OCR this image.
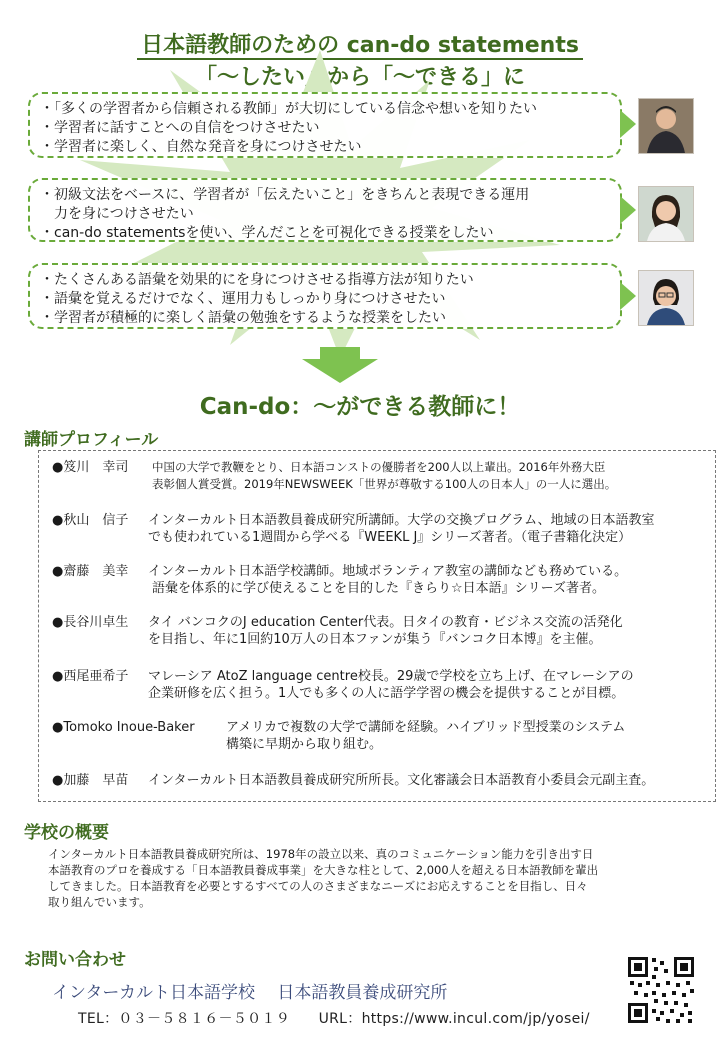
日本語教師のための can-do statements
「～したい」から「～できる」に
・「多くの学習者から信頼される教師」が大切にしている信念や想いを知りたい
・学習者に話すことへの自信をつけさせたい
・学習者に楽しく、自然な発音を身につけさせたい
・初級文法をベースに、学習者が「伝えたいこと」をきちんと表現できる運用
　力を身につけさせたい
・can-do statementsを使い、学んだことを可視化できる授業をしたい
・たくさんある語彙を効果的にを身につけさせる指導方法が知りたい
・語彙を覚えるだけでなく、運用力もしっかり身につけさせたい
・学習者が積極的に楽しく語彙の勉強をするような授業をしたい
Can-do：～ができる教師に！
講師プロフィール
●笈川　幸司 中国の大学で教鞭をとり、日本語コンストの優勝者を200人以上輩出。2016年外務大臣
表彰個人賞受賞。2019年NEWSWEEK「世界が尊敬する100人の日本人」の一人に選出。
●秋山　信子 インターカルト日本語教員養成研究所講師。大学の交換プログラム、地域の日本語教室
でも使われている1週間から学べる『WEEKL J』シリーズ著者。（電子書籍化決定）
●齋藤　美幸 インターカルト日本語学校講師。地域ボランティア教室の講師なども務めている。
語彙を体系的に学び使えることを目的した『きらり☆日本語』シリーズ著者。
●長谷川卓生 タイ バンコクのJ education Center代表。日タイの教育・ビジネス交流の活発化
を目指し、年に1回約10万人の日本ファンが集う『バンコク日本博』を主催。
●西尾亜希子 マレーシア AtoZ language centre校長。29歳で学校を立ち上げ、在マレーシアの
企業研修を広く担う。1人でも多くの人に語学学習の機会を提供することが目標。
●Tomoko Inoue-Baker アメリカで複数の大学で講師を経験。ハイブリッド型授業のシステム
構築に早期から取り組む。
●加藤　早苗 インターカルト日本語教員養成研究所所長。文化審議会日本語教育小委員会元副主査。
学校の概要
インターカルト日本語教員養成研究所は、1978年の設立以来、真のコミュニケーション能力を引き出す日
本語教育のプロを養成する「日本語教員養成事業」を大きな柱として、2,000人を超える日本語教師を輩出
してきました。日本語教育を必要とするすべての人のさまざまなニーズにお応えすることを目指し、日々
取り組んでいます。
お問い合わせ
インターカルト日本語学校　 日本語教員養成研究所
TEL：０３－５８１６－５０１９　　URL：https://www.incul.com/jp/yosei/
